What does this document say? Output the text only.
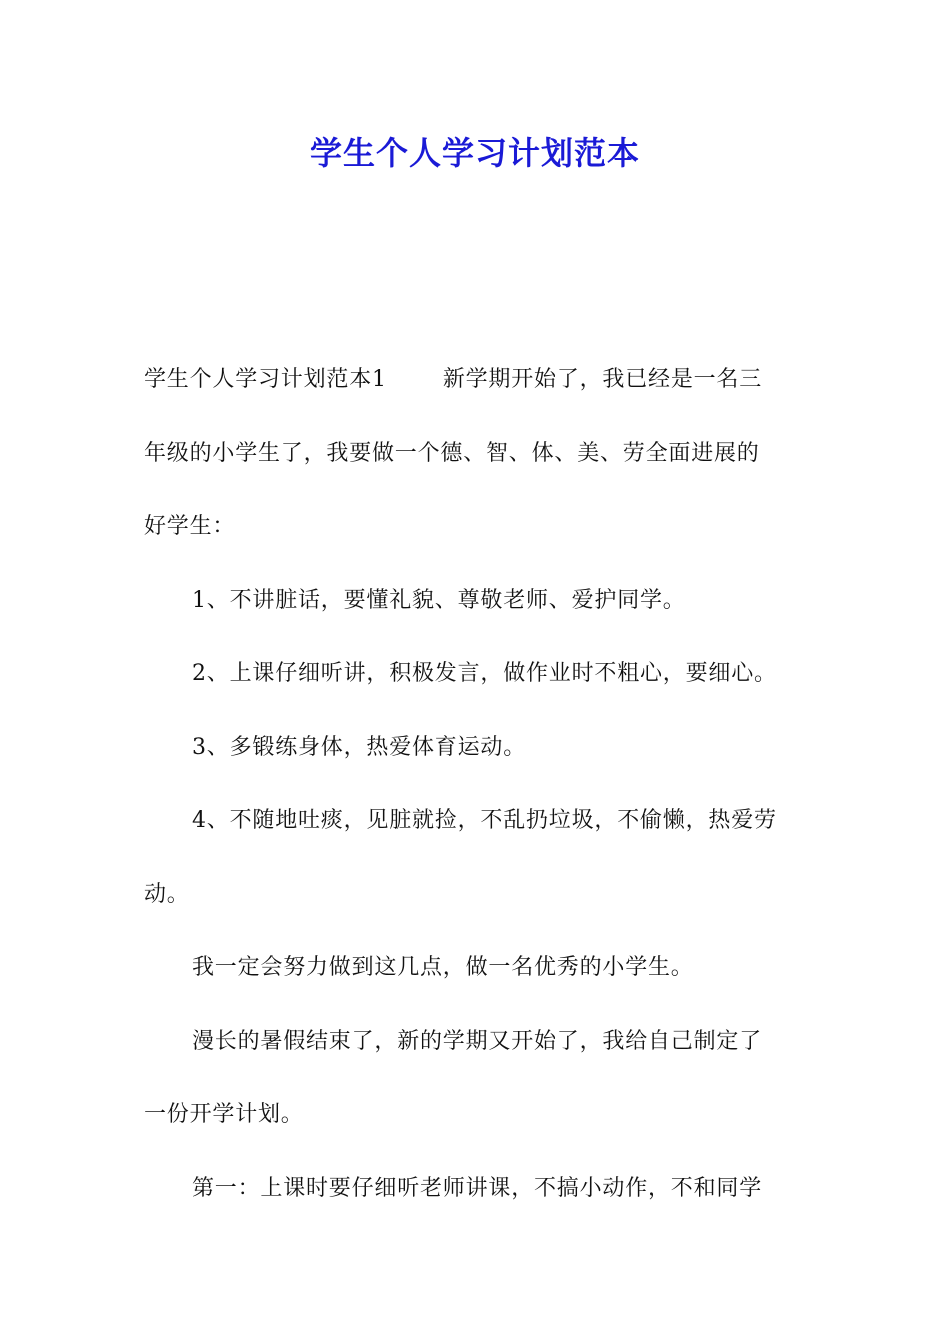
学生个人学习计划范本
学生个人学习计划范本1	新学期开始了，我已经是一名三
年级的小学生了，我要做一个德、智、体、美、劳全面进展的
好学生：
1、不讲脏话，要懂礼貌、尊敬老师、爱护同学。
2、上课仔细听讲，积极发言，做作业时不粗心，要细心。
3、多锻练身体，热爱体育运动。
4、不随地吐痰，见脏就捡，不乱扔垃圾，不偷懒，热爱劳
动。
我一定会努力做到这几点，做一名优秀的小学生。
漫长的暑假结束了，新的学期又开始了，我给自己制定了
一份开学计划。
第一：上课时要仔细听老师讲课，不搞小动作，不和同学
